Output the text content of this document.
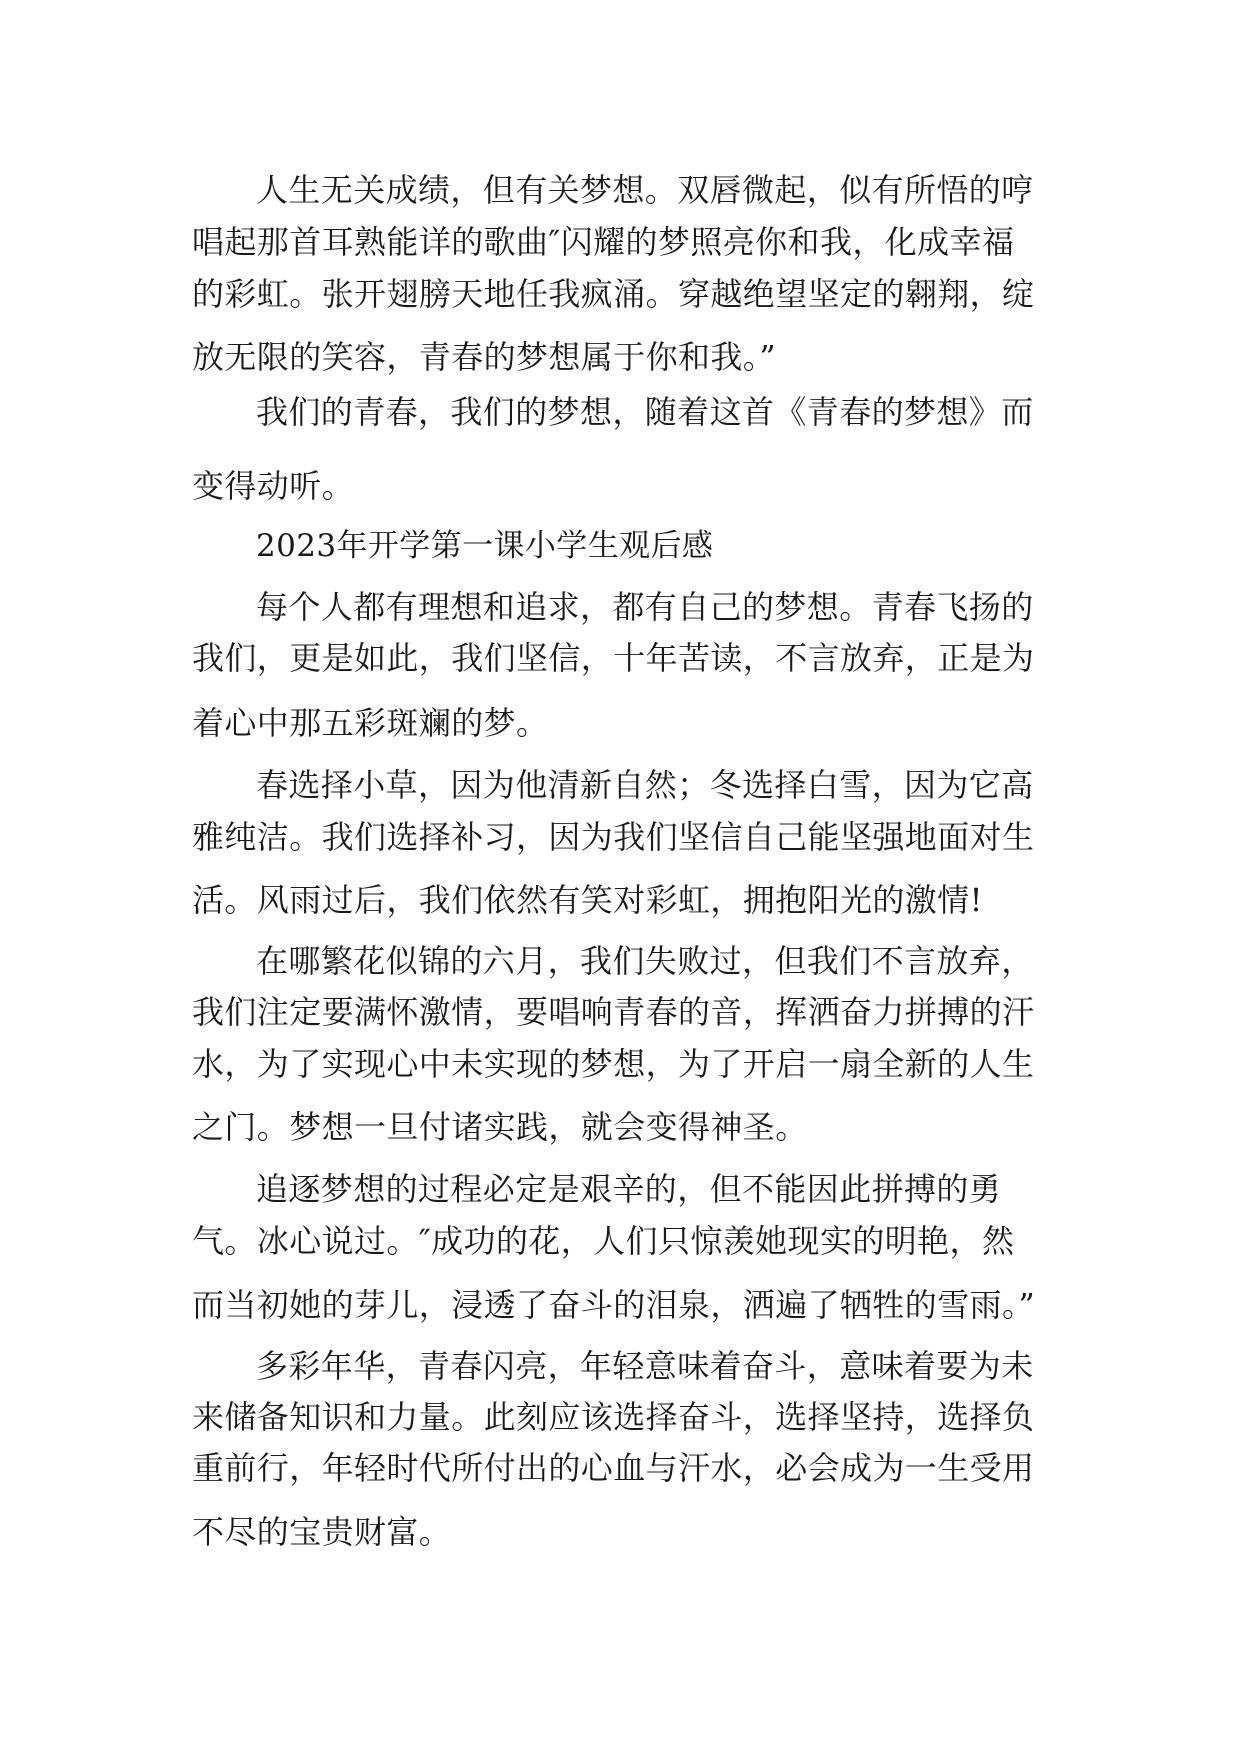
人生无关成绩，但有关梦想。双唇微起，似有所悟的哼
唱起那首耳熟能详的歌曲″闪耀的梦照亮你和我，化成幸福
的彩虹。张开翅膀天地任我疯涌。穿越绝望坚定的翱翔，绽
放无限的笑容，青春的梦想属于你和我。”
我们的青春，我们的梦想，随着这首《青春的梦想》而
变得动听。
2023年开学第一课小学生观后感
每个人都有理想和追求，都有自己的梦想。青春飞扬的
我们，更是如此，我们坚信，十年苦读，不言放弃，正是为
着心中那五彩斑斓的梦。
春选择小草，因为他清新自然；冬选择白雪，因为它高
雅纯洁。我们选择补习，因为我们坚信自己能坚强地面对生
活。风雨过后，我们依然有笑对彩虹，拥抱阳光的激情!
在哪繁花似锦的六月，我们失败过，但我们不言放弃，
我们注定要满怀激情，要唱响青春的音，挥洒奋力拼搏的汗
水，为了实现心中未实现的梦想，为了开启一扇全新的人生
之门。梦想一旦付诸实践，就会变得神圣。
追逐梦想的过程必定是艰辛的，但不能因此拼搏的勇
气。冰心说过。″成功的花，人们只惊羡她现实的明艳，然
而当初她的芽儿，浸透了奋斗的泪泉，洒遍了牺牲的雪雨。”
多彩年华，青春闪亮，年轻意味着奋斗，意味着要为未
来储备知识和力量。此刻应该选择奋斗，选择坚持，选择负
重前行，年轻时代所付出的心血与汗水，必会成为一生受用
不尽的宝贵财富。
